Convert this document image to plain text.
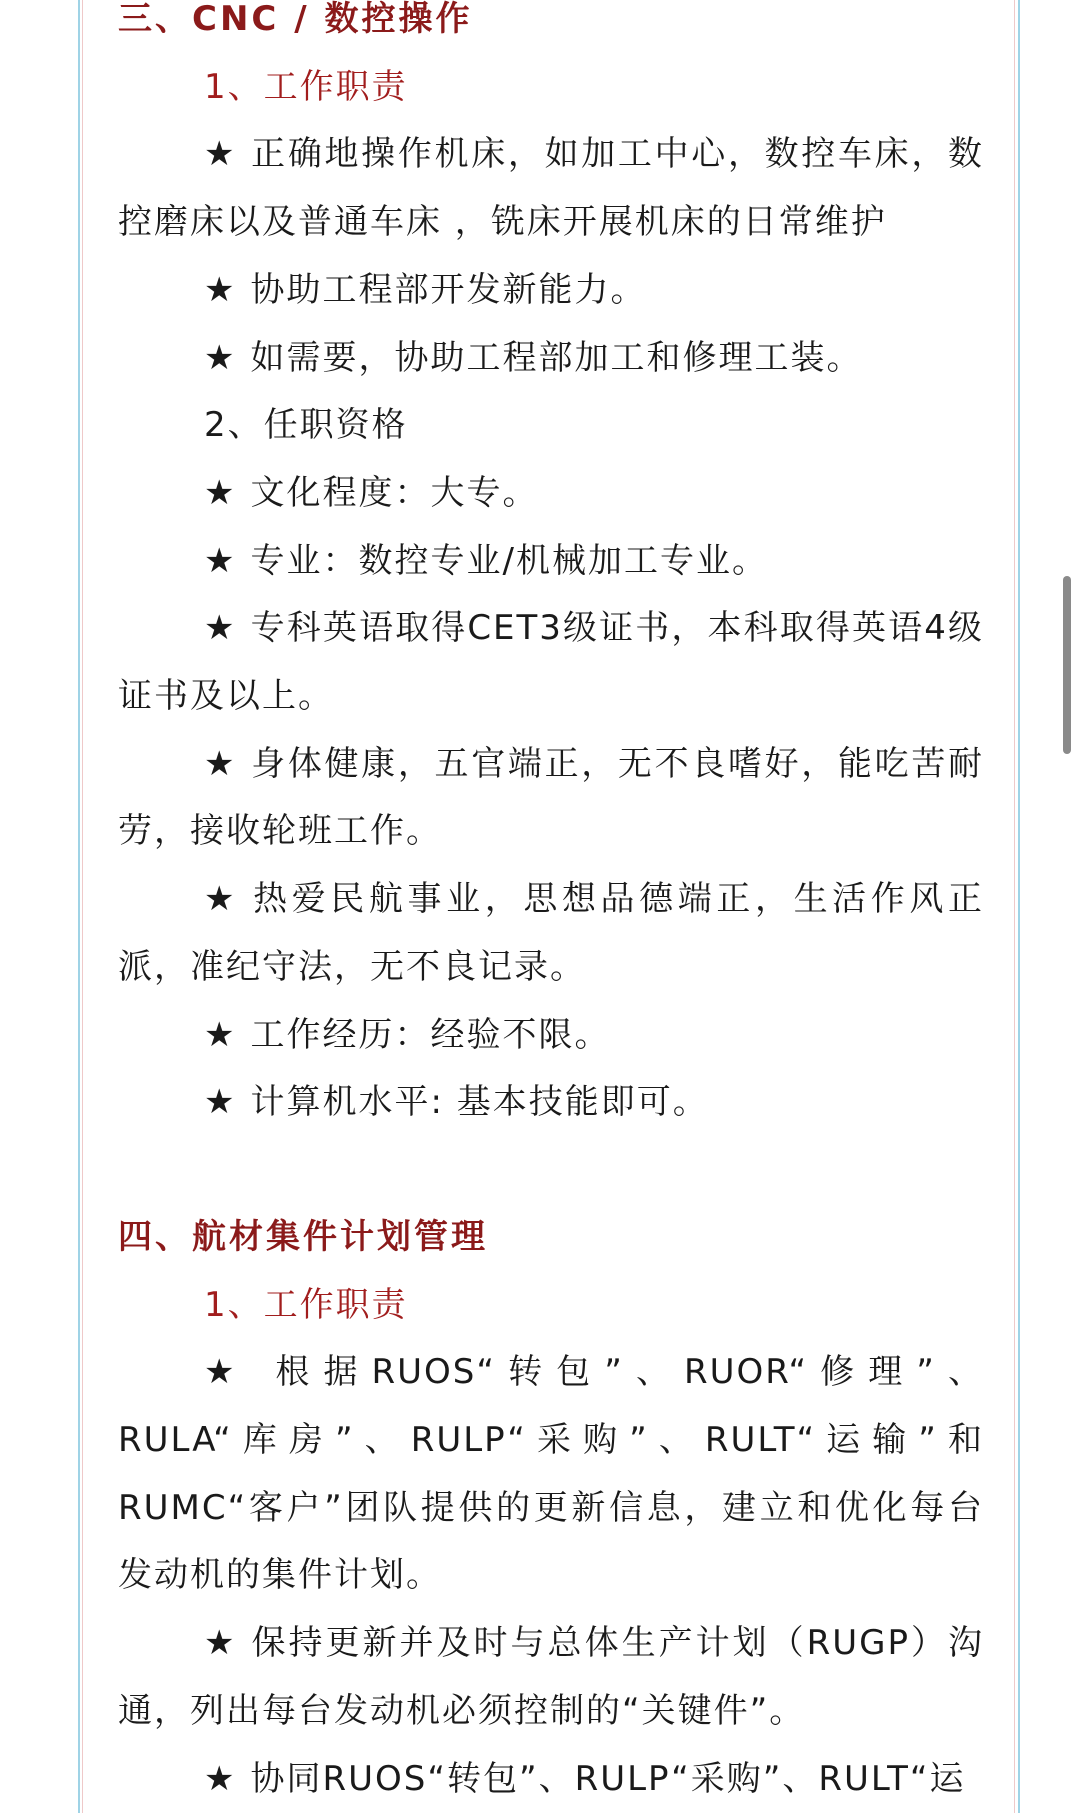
三、CNC / 数控操作
1、工作职责
★ 正确地操作机床，如加工中心，数控车床，数控磨床以及普通车床 ，铣床开展机床的日常维护
★ 协助工程部开发新能力。
★ 如需要，协助工程部加工和修理工装。
2、任职资格
★ 文化程度：大专。
★ 专业：数控专业/机械加工专业。
★ 专科英语取得CET3级证书，本科取得英语4级证书及以上。
★ 身体健康，五官端正，无不良嗜好，能吃苦耐劳，接收轮班工作。
★ 热爱民航事业，思想品德端正，生活作风正派，准纪守法，无不良记录。
★ 工作经历：经验不限。
★ 计算机水平: 基本技能即可。
四、航材集件计划管理
1、工作职责
★ 根据RUOS“转包”、RUOR“修理”、RULA“库房”、RULP“采购”、RULT“运输”和RUMC“客户”团队提供的更新信息，建立和优化每台发动机的集件计划。
★ 保持更新并及时与总体生产计划（RUGP）沟通，列出每台发动机必须控制的“关键件”。
★ 协同RUOS“转包”、RULP“采购”、RULT“运
